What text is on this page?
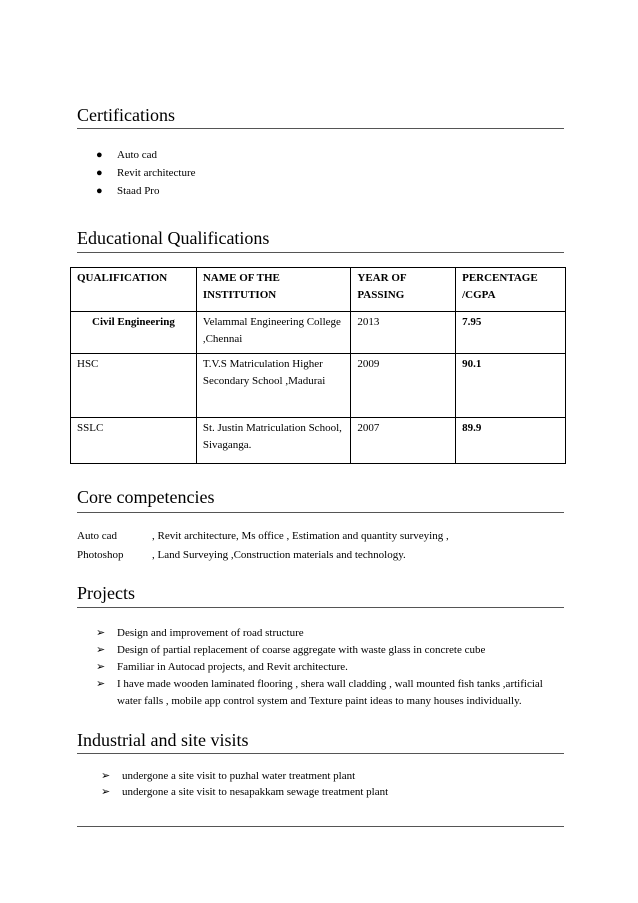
Certifications
● Auto cad
● Revit architecture
● Staad Pro
Educational Qualifications
QUALIFICATION	NAME OF THE INSTITUTION	YEAR OF PASSING	PERCENTAGE /CGPA
Civil Engineering	Velammal Engineering College ,Chennai	2013	7.95
HSC	T.V.S Matriculation Higher Secondary School ,Madurai	2009	90.1
SSLC	St. Justin Matriculation School, Sivaganga.	2007	89.9
Core competencies
Auto cad	, Revit architecture, Ms office , Estimation and quantity surveying ,
Photoshop	, Land Surveying ,Construction materials and technology.
Projects
➢ Design and improvement of road structure
➢ Design of partial replacement of coarse aggregate with waste glass in concrete cube
➢ Familiar in Autocad projects, and Revit architecture.
➢ I have made wooden laminated flooring , shera wall cladding , wall mounted fish tanks ,artificial water falls , mobile app control system and Texture paint ideas to many houses individually.
Industrial and site visits
➢ undergone a site visit to puzhal water treatment plant
➢ undergone a site visit to nesapakkam sewage treatment plant
